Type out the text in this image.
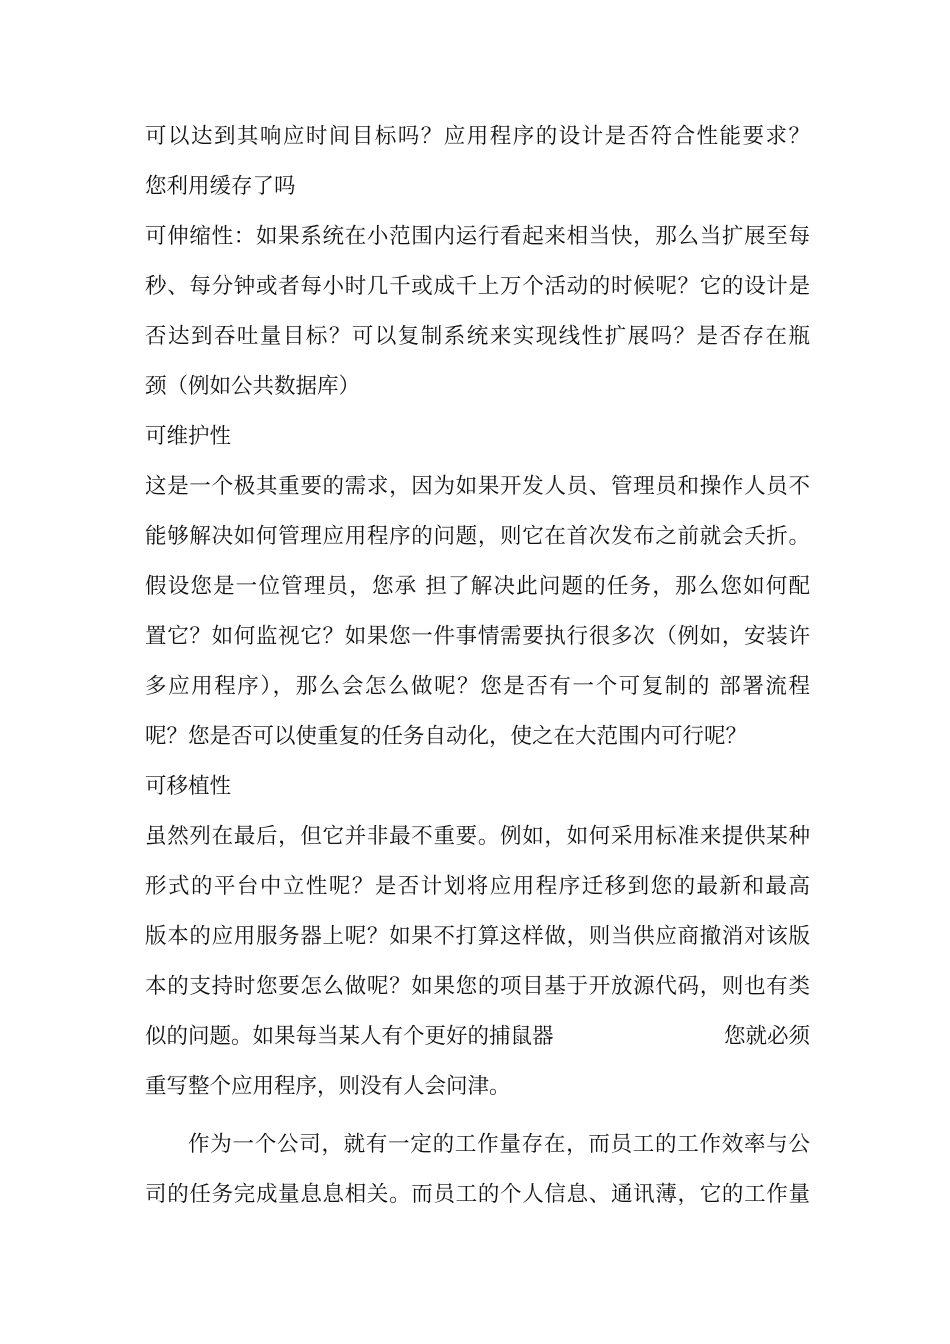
可以达到其响应时间目标吗？应用程序的设计是否符合性能要求？
您利用缓存了吗
可伸缩性：如果系统在小范围内运行看起来相当快，那么当扩展至每
秒、每分钟或者每小时几千或成千上万个活动的时候呢？它的设计是
否达到吞吐量目标？可以复制系统来实现线性扩展吗？是否存在瓶
颈（例如公共数据库）
可维护性
这是一个极其重要的需求，因为如果开发人员、管理员和操作人员不
能够解决如何管理应用程序的问题，则它在首次发布之前就会夭折。
假设您是一位管理员，您承 担了解决此问题的任务，那么您如何配
置它？如何监视它？如果您一件事情需要执行很多次（例如，安装许
多应用程序），那么会怎么做呢？您是否有一个可复制的 部署流程
呢？您是否可以使重复的任务自动化，使之在大范围内可行呢？
可移植性
虽然列在最后，但它并非最不重要。例如，如何采用标准来提供某种
形式的平台中立性呢？是否计划将应用程序迁移到您的最新和最高
版本的应用服务器上呢？如果不打算这样做，则当供应商撤消对该版
本的支持时您要怎么做呢？如果您的项目基于开放源代码，则也有类
似的问题。如果每当某人有个更好的捕鼠器	您就必须
重写整个应用程序，则没有人会问津。
作为一个公司，就有一定的工作量存在，而员工的工作效率与公
司的任务完成量息息相关。而员工的个人信息、通讯薄，它的工作量
